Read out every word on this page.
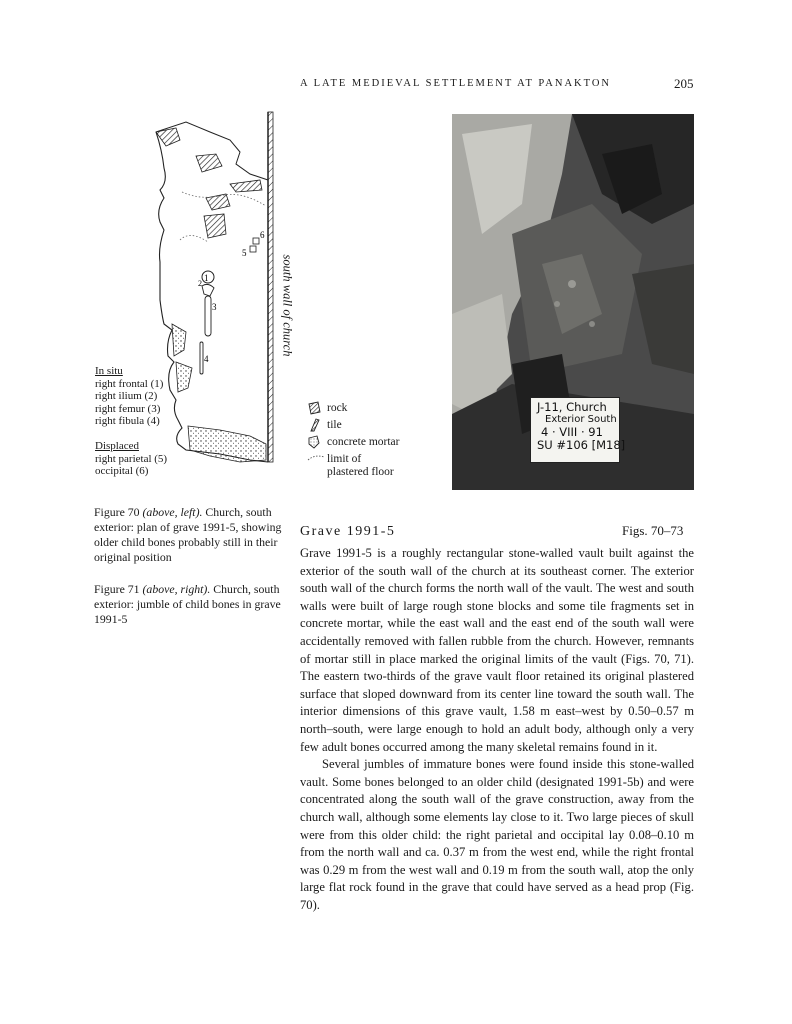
A LATE MEDIEVAL SETTLEMENT AT PANAKTON	205
1
2
3
4
5
6
south wall of church
In situ
right frontal (1)
right ilium (2)
right femur (3)
right fibula (4)
Displaced
right parietal (5)
occipital (6)
rock
tile
concrete mortar
limit of
plastered floor
J-11, Church
Exterior South
4 · VIII · 91
SU #106 [M18]
Figure 70 (above, left). Church, south exterior: plan of grave 1991-5, showing older child bones probably still in their original position
Figure 71 (above, right). Church, south exterior: jumble of child bones in grave 1991-5
Grave 1991-5	Figs. 70–73

Grave 1991-5 is a roughly rectangular stone-walled vault built against the exterior of the south wall of the church at its southeast corner. The exterior south wall of the church forms the north wall of the vault. The west and south walls were built of large rough stone blocks and some tile fragments set in concrete mortar, while the east wall and the east end of the south wall were accidentally removed with fallen rubble from the church. However, remnants of mortar still in place marked the original limits of the vault (Figs. 70, 71). The eastern two-thirds of the grave vault floor retained its original plastered surface that sloped downward from its center line toward the south wall. The interior dimensions of this grave vault, 1.58 m east–west by 0.50–0.57 m north–south, were large enough to hold an adult body, although only a very few adult bones occurred among the many skeletal remains found in it.

Several jumbles of immature bones were found inside this stone-walled vault. Some bones belonged to an older child (designated 1991-5b) and were concentrated along the south wall of the grave construction, away from the church wall, although some elements lay close to it. Two large pieces of skull were from this older child: the right parietal and occipital lay 0.08–0.10 m from the north wall and ca. 0.37 m from the west end, while the right frontal was 0.29 m from the west wall and 0.19 m from the south wall, atop the only large flat rock found in the grave that could have served as a head prop (Fig. 70).
